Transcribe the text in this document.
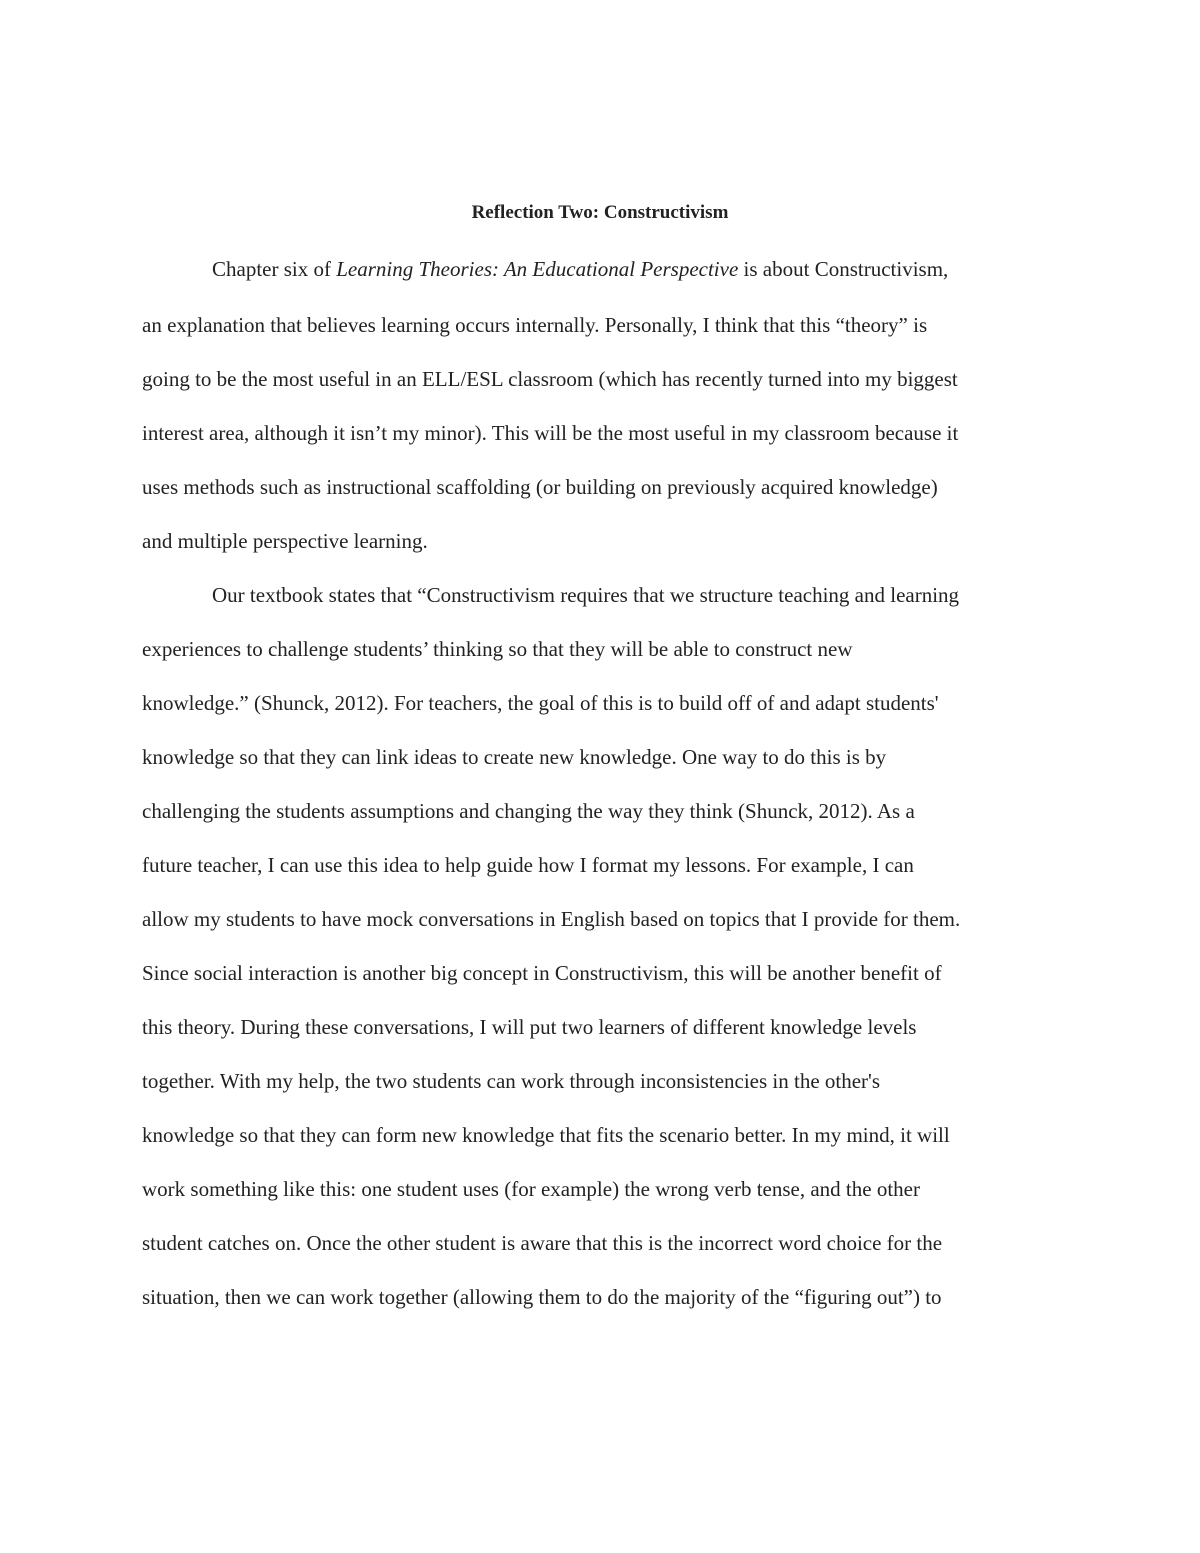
Reflection Two: Constructivism
Chapter six of Learning Theories: An Educational Perspective is about Constructivism,
an explanation that believes learning occurs internally. Personally, I think that this “theory” is
going to be the most useful in an ELL/ESL classroom (which has recently turned into my biggest
interest area, although it isn’t my minor). This will be the most useful in my classroom because it
uses methods such as instructional scaffolding (or building on previously acquired knowledge)
and multiple perspective learning.
Our textbook states that “Constructivism requires that we structure teaching and learning
experiences to challenge students’ thinking so that they will be able to construct new
knowledge.” (Shunck, 2012). For teachers, the goal of this is to build off of and adapt students'
knowledge so that they can link ideas to create new knowledge. One way to do this is by
challenging the students assumptions and changing the way they think (Shunck, 2012). As a
future teacher, I can use this idea to help guide how I format my lessons. For example, I can
allow my students to have mock conversations in English based on topics that I provide for them.
Since social interaction is another big concept in Constructivism, this will be another benefit of
this theory. During these conversations, I will put two learners of different knowledge levels
together. With my help, the two students can work through inconsistencies in the other's
knowledge so that they can form new knowledge that fits the scenario better. In my mind, it will
work something like this: one student uses (for example) the wrong verb tense, and the other
student catches on. Once the other student is aware that this is the incorrect word choice for the
situation, then we can work together (allowing them to do the majority of the “figuring out”) to
